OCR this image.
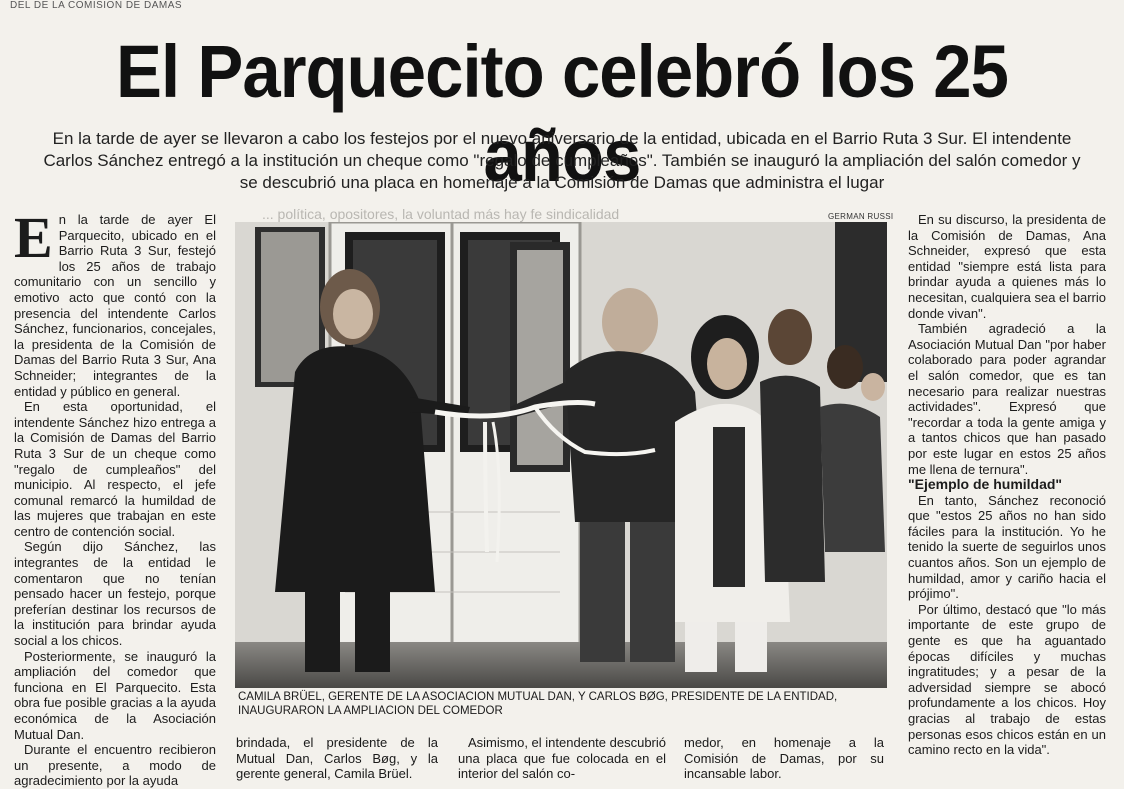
DEL DE LA COMISION DE DAMAS
El Parquecito celebró los 25 años
En la tarde de ayer se llevaron a cabo los festejos por el nuevo aniversario de la entidad, ubicada en el Barrio Ruta 3 Sur. El intendente Carlos Sánchez entregó a la institución un cheque como "regalo de cumpleaños". También se inauguró la ampliación del salón comedor y se descubrió una placa en homenaje a la Comisión de Damas que administra el lugar
... política, opositores, la voluntad más hay fe sindicalidad

En la tarde de ayer El Parquecito, ubicado en el Barrio Ruta 3 Sur, festejó los 25 años de trabajo comunitario con un sencillo y emotivo acto que contó con la presencia del intendente Carlos Sánchez, funcionarios, concejales, la presidenta de la Comisión de Damas del Barrio Ruta 3 Sur, Ana Schneider; integrantes de la entidad y público en general.

En esta oportunidad, el intendente Sánchez hizo entrega a la Comisión de Damas del Barrio Ruta 3 Sur de un cheque como "regalo de cumpleaños" del municipio. Al respecto, el jefe comunal remarcó la humildad de las mujeres que trabajan en este centro de contención social.

Según dijo Sánchez, las integrantes de la entidad le comentaron que no tenían pensado hacer un festejo, porque preferían destinar los recursos de la institución para brindar ayuda social a los chicos.

Posteriormente, se inauguró la ampliación del comedor que funciona en El Parquecito. Esta obra fue posible gracias a la ayuda económica de la Asociación Mutual Dan.

Durante el encuentro recibieron un presente, a modo de agradecimiento por la ayuda

GERMAN RUSSI
CAMILA BRÜEL, GERENTE DE LA ASOCIACION MUTUAL DAN, Y CARLOS BØG, PRESIDENTE DE LA ENTIDAD, INAUGURARON LA AMPLIACION DEL COMEDOR

brindada, el presidente de la Mutual Dan, Carlos Bøg, y la gerente general, Camila Brüel.

Asimismo, el intendente descubrió una placa que fue colocada en el interior del salón co-

medor, en homenaje a la Comisión de Damas, por su incansable labor.

En su discurso, la presidenta de la Comisión de Damas, Ana Schneider, expresó que esta entidad "siempre está lista para brindar ayuda a quienes más lo necesitan, cualquiera sea el barrio donde vivan".

También agradeció a la Asociación Mutual Dan "por haber colaborado para poder agrandar el salón comedor, que es tan necesario para realizar nuestras actividades". Expresó que "recordar a toda la gente amiga y a tantos chicos que han pasado por este lugar en estos 25 años me llena de ternura".

"Ejemplo de humildad"

En tanto, Sánchez reconoció que "estos 25 años no han sido fáciles para la institución. Yo he tenido la suerte de seguirlos unos cuantos años. Son un ejemplo de humildad, amor y cariño hacia el prójimo".

Por último, destacó que "lo más importante de este grupo de gente es que ha aguantado épocas difíciles y muchas ingratitudes; y a pesar de la adversidad siempre se abocó profundamente a los chicos. Hoy gracias al trabajo de estas personas esos chicos están en un camino recto en la vida".
